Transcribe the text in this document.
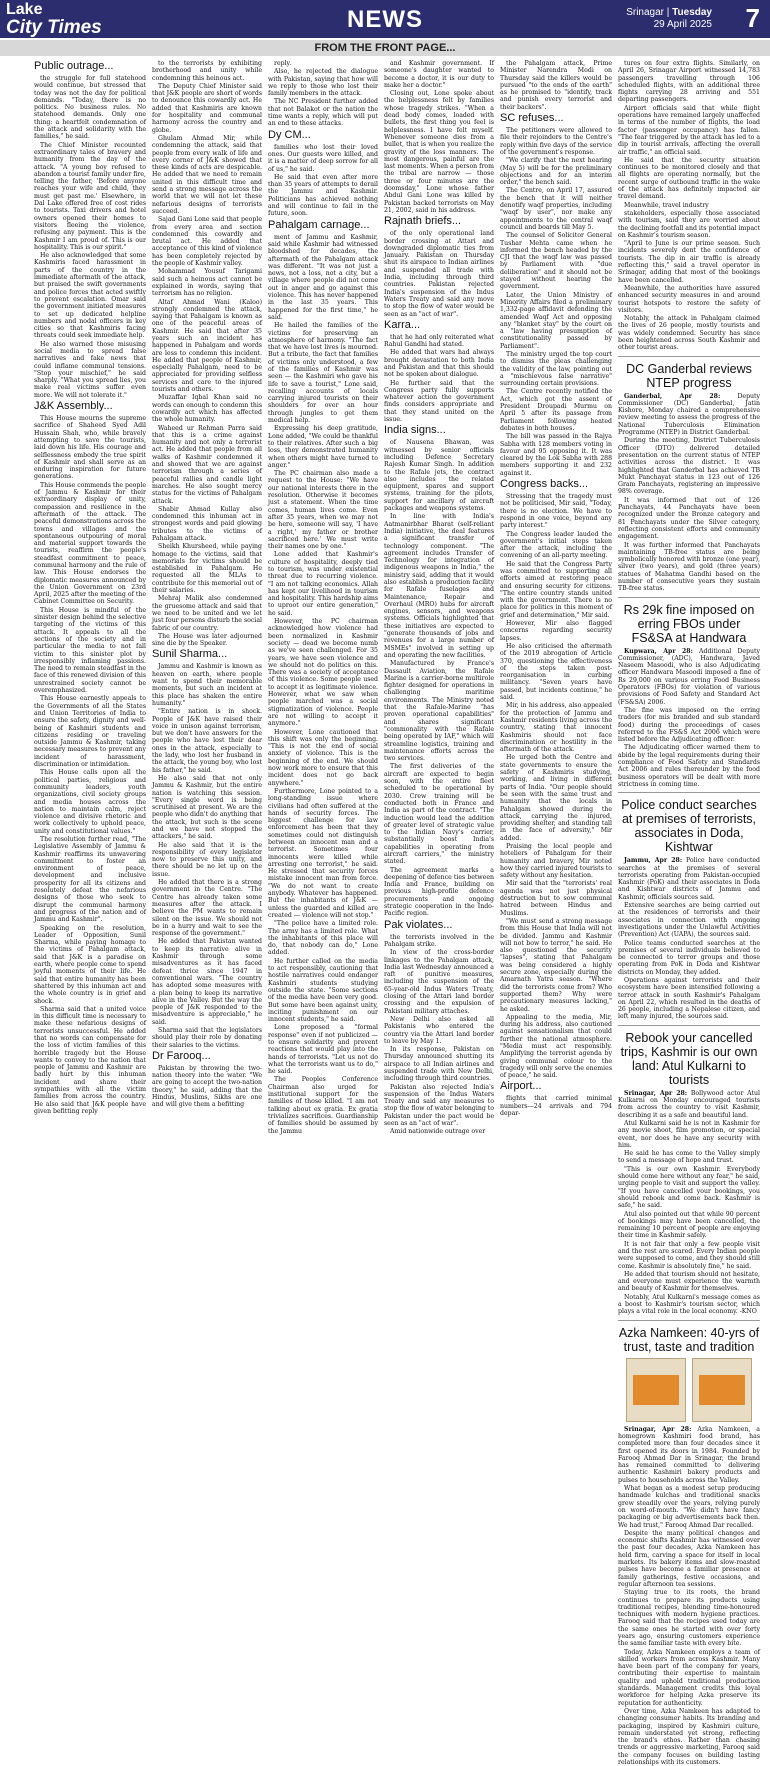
Lake
City Times	NEWS	Srinagar | Tuesday
29 April 2025 7
FROM THE FRONT PAGE...
Public outrage...

the struggle for full statehood would continue, but stressed that today was not the day for political demands. "Today, there is no politics. No business rules. No statehood demands. Only one thing: a heartfelt condemnation of the attack and solidarity with the families," he said.

The Chief Minister recounted extraordinary tales of bravery and humanity from the day of the attack. "A young boy refused to abandon a tourist family under fire, telling the father, 'Before anyone reaches your wife and child, they must get past me.' Elsewhere, in Dal Lake offered free of cost rides to tourists. Taxi drivers and hotel owners opened their homes to visitors fleeing the violence, refusing any payment. This is the Kashmir I am proud of. This is our hospitality. This is our spirit."

He also acknowledged that some Kashmiris faced harassment in parts of the country in the immediate aftermath of the attack, but praised the swift governments and police forces that acted swiftly to prevent escalation. Omar said the government initiated measures to set up dedicated helpline numbers and nodal officers in key cities so that Kashmiris facing threats could seek immediate help.

He also warned those misusing social media to spread false narratives and fake news that could inflame communal tensions. "Stop your mischief," he said sharply. "What you spread lies, you make real victims suffer even more. We will not tolerate it."

J&K Assembly...

This House mourns the supreme sacrifice of Shaheed Syed Adil Hussain Shah, who, while bravely attempting to save the tourists, laid down his life. His courage and selflessness embody the true spirit of Kashmir and shall serve as an enduring inspiration for future generations.

This House commends the people of Jammu & Kashmir for their extraordinary display of unity, compassion and resilience in the aftermath of the attack. The peaceful demonstrations across the towns and villages and the spontaneous outpouring of moral and material support towards the tourists, reaffirm the people's steadfast commitment to peace, communal harmony and the rule of law. This House endorses the diplomatic measures announced by the Union Government on 23rd April, 2025 after the meeting of the Cabinet Committee on Security.

This House is mindful of the sinister design behind the selective targeting of the victims of this attack. It appeals to all the sections of the society and in particular the media to not fall victim to this sinister plot by irresponsibly inflaming passions. The need to remain steadfast in the face of this renewed division of this unrestrained society cannot be overemphasized.

This House earnestly appeals to the Governments of all the States and Union Territories of India to ensure the safety, dignity and well-being of Kashmiri students and citizens residing or traveling outside Jammu & Kashmir, taking necessary measures to prevent any incident of harassment, discrimination or intimidation.

This House calls upon all the political parties, religious and community leaders, youth organizations, civil society groups and media houses across the nation to maintain calm, reject violence and divisive rhetoric and work collectively to uphold peace, unity and constitutional values."

The resolution further read, "The Legislative Assembly of Jammu & Kashmir reaffirms its unwavering commitment to foster an environment of peace, development and inclusive prosperity for all its citizens and resolutely defeat the nefarious designs of those who seek to disrupt the communal harmony and progress of the nation and of Jammu and Kashmir".

Speaking on the resolution, Leader of Opposition, Sunil Sharma, while paying homage to the victims of Pahalgam attack, said that J&K is a paradise on earth, where people come to spend joyful moments of their life. He said that entire humanity has been shattered by this inhuman act and the whole country is in grief and shock.

Sharma said that a united voice in this difficult time is necessary to make these nefarious designs of terrorists unsuccessful. He added that no words can compensate for the loss of victim families of this horrible tragedy but the House wants to convey to the nation that people of Jammu and Kashmir are badly hurt by this inhuman incident and share their sympathies with all the victim families from across the country. He also said that J&K people have given befitting reply

to the terrorists by exhibiting brotherhood and unity while condemning this heinous act.

The Deputy Chief Minister said that J&K people are short of words to denounce this cowardly act. He added that Kashmiris are known for hospitality and communal harmony across the country and globe.

Ghulam Ahmad Mir, while condemning the attack, said that people from every walk of life and every corner of J&K showed that these kinds of acts are despicable. He added that we need to remain united in this difficult time and send a strong message across the world that we will not let these nefarious designs of terrorists succeed.

Sajad Gani Lone said that people from every area and section condemned this cowardly and brutal act. He added that acceptance of this kind of violence has been completely rejected by the people of Kashmir valley.

Mohammad Yousuf Tarigami said such a heinous act cannot be explained in words, saying that terrorism has no religion.

Altaf Ahmad Wani (Kaloo) strongly condemned the attack, saying that Pahalgam is known as one of the peaceful areas of Kashmir. He said that after 35 years such an incident has happened in Pahalgam and words are less to condemn this incident. He added that people of Kashmir, especially Pahalgam, need to be appreciated for providing selfless services and care to the injured tourists and others.

Muzaffar Iqbal Khan said no words can enough to condemn this cowardly act which has affected the whole humanity.

Waheed ur Rehman Parra said that this is a crime against humanity and not only a terrorist act. He added that people from all walks of Kashmir condemned it and showed that we are against terrorism through a series of peaceful rallies and candle light marches. He also sought mercy status for the victims of Pahalgam attack.

Shabir Ahmad Kullay also condemned this inhuman act in strongest words and paid glowing tributes to the victims of Pahalgam attack.

Sheikh Khursheed, while paying homage to the victims, said that memorials for victims should be established in Pahalgam. He requested all the MLAs to contribute for this memorial out of their salaries.

Mehraj Malik also condemned the gruesome attack and said that we need to be united and we let just four persons disturb the social fabric of our country.

The House was later adjourned sine die by the Speaker.

Sunil Sharma...

Jammu and Kashmir is known as heaven on earth, where people want to spend their memorable moments, but such an incident at this place has shaken the entire humanity."

"Entire nation is in shock. People of J&K have raised their voice in unison against terrorism, but we don't have answers for the people who have lost their dear ones in the attack, especially to the lady, who lost her husband in the attack, the young boy, who lost his father," he said.

He also said that not only Jammu & Kashmir, but the entire nation is watching this session. "Every single word is being scrutinised at present. We are the people who didn't do anything that the attack, but such is the scene and we have not stopped the attackers," he said.

He also said that it is the responsibility of every legislator now to preserve this unity, and there should be no let up on the issue.

He added that there is a strong government in the Centre. "The Centre has already taken some measures after the attack. I believe the PM wants to remain silent on the issue. We should not be in a hurry and wait to see the response of the government."

He added that Pakistan wanted to keep its narrative alive in Kashmir through some misadventures as it has faced defeat thrice since 1947 in conventional wars. "The country has adopted some measures with a plan being to keep its narrative alive in the Valley. But the way the people of J&K responded to the misadventure is appreciable," he said.

Sharma said that the legislators should play their role by donating their salaries to the victims.

Dr Farooq...

Pakistan by throwing the two-nation theory into the water. "We are going to accept the two-nation theory," he said, adding that the Hindus, Muslims, Sikhs are one and will give them a befitting

reply.

Also, he rejected the dialogue with Pakistan, saying that how will we reply to those who lost their family members in the attack.

The NC President further added that not Balakot or the nation the time wants a reply, which will put an end to these attacks.

Dy CM...

families who lost their loved ones. Our guests were killed, and it is a matter of deep sorrow for all of us," he said.

He said that even after more than 35 years of attempts to derail the Jammu and Kashmir. Politicians has achieved nothing and will continue to fail in the future, soon.

Pahalgam carnage...

ment of Jammu and Kashmir, said while Kashmir had witnessed bloodshed for decades, the aftermath of the Pahalgam attack was different. "It was not just a news, not a loss, not a city, but a village where people did not come out in anger and go against this violence. This has never happened in the last 35 years. This happened for the first time," he said.

He hailed the families of the victims for preserving an atmosphere of harmony. "The fact that we have lost lives is mourned. But a tribute, the fact that families of victims only understood, a few of the families of Kashmir was seen — the Kashmiri who gave his life to save a tourist," Lone said, recalling accounts of locals carrying injured tourists on their shoulders for over an hour through jungles to get them medical help.

Expressing his deep gratitude, Lone added, "We could be thankful to their relatives. After such a big loss, they demonstrated humanity when others might have turned to anger."

The PC chairman also made a request to the House: "We have our national interests there in the resolution. Otherwise it becomes just a statement. When the time comes, human lives come. Even after 35 years, when we may not be here, someone will say, 'I have a right,' my father or brother sacrificed here.' We must write their names one by one."

Lone added that Kashmir's culture of hospitality, deeply tied to tourism, was under existential threat due to recurring violence. "I am not talking economics. Allah has kept our livelihood in tourism and hospitality. This hardship aims to uproot our entire generation," he said.

However, the PC chairman acknowledged how violence had been normalized in Kashmir society — dead we become numb as we've seen challenged. For 35 years, we have seen violence and we should not do politics on this. There was a society of acceptance of this violence. Some people used to accept it as legitimate violence. However, what we saw when people marched was a social stigmatization of violence. People are not willing to accept it anymore."

However, Lone cautioned that this shift was only the beginning. "This is not the end of social anxiety of violence. This is the beginning of the end. We should now work more to ensure that this incident does not go back anywhere."

Furthermore, Lone pointed to a long-standing issue where civilians had often suffered at the hands of security forces. The biggest challenge for law enforcement has been that they sometimes could not distinguish between an innocent man and a terrorist. Sometimes four innocents were killed while arresting one terrorist," he said. He stressed that security forces mistake innocent man from force. "We do not want to create anybody. Whatever has happened. But the inhabitants of J&K — unless the guarded and killed are created — violence will not stop."

"The police have a limited role. The army has a limited role. What the inhabitants of this place will do, that nobody can do," Lone added.

He further called on the media to act responsibly, cautioning that hostile narratives could endanger Kashmiri students studying outside the state. "Some sections of the media have been very good. But some have been against unity, inciting punishment on our innocent students," he said.

Lone proposed a "formal response" even if not publicized — to ensure solidarity and prevent reactions that would play into the hands of terrorists. "Let us not do what the terrorists want us to do," he said.

The Peoples Conference Chairman also urged for institutional support for the families of those killed. "I am not talking about ex gratia. Ex gratia trivializes sacrifices. Guardianship of families should be assumed by the Jammu

and Kashmir government. If someone's daughter wanted to become a doctor, it is our duty to make her a doctor."

Closing out, Lone spoke about the helplessness felt by families whose tragedy strikes. "When a dead body comes, loaded with bullets, the first thing you feel is helplessness. I have felt myself. Whenever someone dies from a bullet, that is when you realize the gravity of the loss manners. The most dangerous, painful are the last moments. When a person from the tribal are narrow — those three or four minutes are the doomsday," Lone whose father Abdul Gani Lone was killed by Pakistan backed terrorists on May 21, 2002, said in his address.

Rajnath briefs...

of the only operational land border crossing at Attari and downgraded diplomatic ties from January. Pakistan on Thursday shut its airspace to Indian airlines and suspended all trade with India, including through third countries. Pakistan rejected India's suspension of the Indus Waters Treaty and said any move to stop the flow of water would be seen as an "act of war".

Karra...

that he had only reiterated what Rahul Gandhi had stated.

He added that wars had always brought devastation to both India and Pakistan and that this should not be spoken about dialogue.

He further said that the Congress party fully supports whatever action the government finds considers appropriate and that they stand united on the issue.

India signs...

of Nausena Bhawan, was witnessed by senior officials including Defence Secretary Rajesh Kumar Singh. In addition to the Rafale jets, the contract also includes the related equipment, spares and support systems, training for the pilots, support for ancillary of aircraft packages and weapons systems.

In line with India's Aatmanirbhar Bharat (self-reliant India) initiative, the deal features a significant transfer of technology component. "The agreement includes Transfer of Technology for integration of indigenous weapons in India," the ministry said, adding that it would also establish a production facility for Rafale fuselages and Maintenance, Repair and Overhaul (MRO) hubs for aircraft engines, sensors, and weapons systems. Officials highlighted that these initiatives are expected to "generate thousands of jobs and revenues for a large number of MSMEs" involved in setting up and operating the new facilities.

Manufactured by France's Dassault Aviation, the Rafale Marine is a carrier-borne multirole fighter designed for operations in challenging maritime environments. The Ministry noted that the Rafale-Marine "has proven operational capabilities" and shares significant "commonality with the Rafale being operated by IAF," which will streamline logistics, training and maintenance efforts across the two services.

The first deliveries of the aircraft are expected to begin soon, with the entire fleet scheduled to be operational by 2030. Crew training will be conducted both in France and India as part of the contract. "The induction would lead the addition of greater level of strategic value to the Indian Navy's carrier, substantially boost India's capabilities in operating from aircraft carriers," the ministry stated.

The agreement marks a deepening of defence ties between India and France, building on previous high-profile defence procurements and ongoing strategic cooperation in the Indo-Pacific region.

Pak violates...

the terrorists involved in the Pahalgam strike.

In view of the cross-border linkages to the Pahalgam attack, India last Wednesday announced a raft of punitive measures, including the suspension of the 65-year-old Indus Waters Treaty, closing of the Attari land border crossing and the expulsion of Pakistani military attaches.

New Delhi also asked all Pakistanis who entered the country via the Attari land border to leave by May 1.

In its response, Pakistan on Thursday announced shutting its airspace to all Indian airlines and suspended trade with New Delhi, including through third countries.

Pakistan also rejected India's suspension of the Indus Waters Treaty and said any measures to stop the flow of water belonging to Pakistan under the pact would be seen as an "act of war".

Amid nationwide outrage over

the Pahalgam attack, Prime Minister Narendra Modi on Thursday said the killers would be pursued "to the ends of the earth" as he promised to "identify, track and punish every terrorist and their backers".

SC refuses...

The petitioners were allowed to file their rejoinders to the Centre's reply within five days of the service of the government's response.

"We clarify that the next hearing (May 5) will be for the preliminary objections and for an interim order," the bench said.

The Centre, on April 17, assured the bench that it will neither denotify waqf properties, including "waqf by user", nor make any appointments to the central waqf council and boards till May 5.

The counsel of Solicitor General Tushar Mehta came when he informed the bench headed by the CJI that the waqf law was passed by Parliament with "due deliberation" and it should not be stayed without hearing the government.

Later, the Union Ministry of Minority Affairs filed a preliminary 1,332-page affidavit defending the amended Waqf Act and opposing any "blanket stay" by the court on a "law having presumption of constitutionality passed by Parliament".

The ministry urged the top court to dismiss the pleas challenging the validity of the law, pointing out a "mischievous false narrative" surrounding certain provisions.

The Centre recently notified the Act, which got the assent of President Droupadi Murmu on April 5 after its passage from Parliament following heated debates in both houses.

The bill was passed in the Rajya Sabha with 128 members voting in favour and 95 opposing it. It was cleared by the Lok Sabha with 288 members supporting it and 232 against it.

Congress backs...

Stressing that the tragedy must not be politicised, Mir said, "Today, there is no election. We have to respond in one voice, beyond any party interest."

The Congress leader lauded the government's initial steps taken after the attack, including the convening of an all-party meeting.

He said that the Congress Party was committed to supporting all efforts aimed at restoring peace and ensuring security for citizens. "The entire country stands united with the government. There is no place for politics in this moment of grief and determination," Mir said.

However, Mir also flagged concerns regarding security lapses.

He also criticised the aftermath of the 2019 abrogation of Article 370, questioning the effectiveness of the steps taken post-reorganisation in curbing militancy. "Seven years have passed, but incidents continue," he said.

Mir, in his address, also appealed for the protection of Jammu and Kashmir residents living across the country, stating that innocent Kashmiris should not face discrimination or hostility in the aftermath of the attack.

He urged both the Centre and state governments to ensure the safety of Kashmiris studying, working, and living in different parts of India. "Our people should be seen with the same trust and humanity that the locals in Pahalgam showed during the attack, carrying the injured, providing shelter, and standing tall in the face of adversity," Mir added.

Praising the local people and hoteliers of Pahalgam for their humanity and bravery, Mir noted how they carried injured tourists to safety without any hesitation.

Mir said that the "terrorists' real agenda was not just physical destruction but to sow communal hatred between Hindus and Muslims.

"We must send a strong message from this House that India will not be divided. Jammu and Kashmir will not bow to terror," he said. He also questioned the security "lapses", stating that Pahalgam was being considered a highly secure zone, especially during the Amarnath Yatra season. "Where did the terrorists come from? Who supported them? Why were precautionary measures lacking," he asked.

Appealing to the media, Mir, during his address, also cautioned against sensationalism that could further the national atmosphere. "Media must act responsibly. Amplifying the terrorist agenda by giving communal colour to the tragedy will only serve the enemies of peace," he said.

Airport...

flights that carried minimal numbers—24 arrivals and 794 depar-

tures on four extra flights. Similarly, on April 26, Srinagar Airport witnessed 14,783 passengers travelling through 106 scheduled flights, with an additional three flights carrying 28 arriving and 551 departing passengers.

Airport officials said that while flight operations have remained largely unaffected in terms of the number of flights, the load factor (passenger occupancy) has fallen. "The fear triggered by the attack has led to a dip in tourist arrivals, affecting the overall air traffic," an official said.

He said that the security situation continues to be monitored closely and that all flights are operating normally, but the recent surge of outbound traffic in the wake of the attack has definitely impacted air travel demand.

Meanwhile, travel industry

stakeholders, especially those associated with tourism, said they are worried about the declining footfall and its potential impact on Kashmir's tourism season.

"April to June is our prime season. Such incidents severely dent the confidence of tourists. The dip in air traffic is already reflecting this," said a travel operator in Srinagar, adding that most of the bookings have been cancelled.

Meanwhile, the authorities have assured enhanced security measures in and around tourist hotspots to restore the safety of visitors.

Notably, the attack in Pahalgam claimed the lives of 26 people, mostly tourists and was widely condemned. Security has since been heightened across South Kashmir and other tourist areas.

DC Ganderbal reviews NTEP progress

Ganderbal, Apr 28:	Deputy Commissioner (DC) Ganderbal, Jatin Kishore, Monday chaired a comprehensive review meeting to assess the progress of the National Tuberculosis Elimination Programme (NTEP) in District Ganderbal.

During the meeting, District Tuberculosis Officer (DTO) delivered detailed presentation on the current status of NTEP activities across the district. It was highlighted that Ganderbal has achieved TB Mukt Panchayat status in 123 out of 126 Gram Panchayats, registering an impressive 98% coverage.

It was informed that out of 126 Panchayats, 44 Panchayats have been recognized under the Bronze category and 81 Panchayats under the Silver category, reflecting consistent efforts and community engagement.

It was further informed that Panchayats maintaining TB-free status are being symbolically honored with bronze (one year), silver (two years), and gold (three years) statues of Mahatma Gandhi based on the number of consecutive years they sustain TB-free status.

Rs 29k fine imposed on erring FBOs under FS&SA at Handwara

Kupwara, Apr 28: Additional Deputy Commissioner, (ADC), Handwara, Javed Naseem Masoodi, who is also Adjudicating officer Handwara Masoodi imposed a fine of Rs 29,000 on various erring Food Business Operators (FBOs) for violation of various provisions of Food Safety and Standard Act (FS&SA) 2006.

The fine was imposed on the erring traders (for mis branded and sub standard food) during the proceedings of cases referred to the FS&S Act 2006 which were listed before the Adjudicating officer.

The Adjudicating officer warned them to abide by the legal requirements during their compliance of Food Safety and Standards Act 2006 and rules thereunder by the food business operators will be dealt with more strictness in coming time.

Police conduct searches at premises of terrorists, associates in Doda, Kishtwar

Jammu, Apr 28: Police have conducted searches at the premises of several terrorists operating from Pakistan-occupied Kashmir (PoK) and their associates in Doda and Kishtwar districts of Jammu and Kashmir, officials sources said.

Extensive searches are being carried out at the residences of terrorists and their associates in connection with ongoing investigations under the Unlawful Activities (Prevention) Act (UAPA), the sources said.

Police teams conducted searches at the premises of several individuals believed to be connected to terror groups and those operating from PoK in Doda and Kishtwar districts on Monday, they added.

Operations against terrorists and their ecosystem have been intensified following a terror attack in south Kashmir's Pahalgam on April 22, which resulted in the deaths of 26 people, including a Nepalese citizen, and left many injured, the sources said.

Rebook your cancelled trips, Kashmir is our own land: Atul Kulkarni to tourists

Srinagar, Apr 28: Bollywood actor Atul Kulkarni on Monday encouraged tourists from across the country to visit Kashmir, describing it as a safe and beautiful land.

Atul Kulkarni said he is not in Kashmir for any movie shoot, film promotion, or special event, nor does he have any security with him.

He said he has come to the Valley simply to send a message of hope and trust.

"This is our own Kashmir. Everybody should come here without any fear," he said, urging people to visit and support the valley. "If you have cancelled your bookings, you should rebook and come back. Kashmir is safe," he said.

Atul also pointed out that while 90 percent of bookings may have been cancelled, the remaining 10 percent of people are enjoying their time in Kashmir safely.

It is not fair that only a few people visit and the rest are scared. Every Indian people were supposed to come, and they should still come. Kashmir is absolutely fine," he said.

He added that tourism should not hesitate, and everyone must experience the warmth and beauty of Kashmir for themselves.

Notably, Atul Kulkarni's message comes as a boost to Kashmir's tourism sector, which plays a vital role in the local economy. -KNO

Azka Namkeen: 40-yrs of trust, taste and tradition

Srinagar, Apr 28: Azka Namkeen, a homegrown Kashmiri food brand, has completed more than four decades since it first opened its doors in 1984. Founded by Farooq Ahmad Dar in Srinagar, the brand has remained committed to delivering authentic Kashmiri bakery products and pulses to households across the Valley.

What began as a modest setup producing handmade kulchas and traditional snacks grew steadily over the years, relying purely on word-of-mouth. "We didn't have fancy packaging or big advertisements back then. We had trust," Farooq Ahmad Dar recalled.

Despite the many political changes and economic shifts Kashmir has witnessed over the past four decades, Azka Namkeen has held firm, carving a space for itself in local markets. Its bakery items and slow-roasted pulses have become a familiar presence at family gatherings, festive occasions, and regular afternoon tea sessions.

Staying true to its roots, the brand continues to prepare its products using traditional recipes, blending time-honoured techniques with modern hygiene practices. Farooq said that the recipes used today are the same ones he started with over forty years ago, ensuring customers experience the same familiar taste with every bite.

Today, Azka Namkeen employs a team of skilled workers from across Kashmir. Many have been part of the company for years, contributing their expertise to maintain quality and uphold traditional production standards. Management credits this loyal workforce for helping Azka preserve its reputation for authenticity.

Over time, Azka Namkeen has adapted to changing consumer habits. Its branding and packaging, inspired by Kashmiri culture, remain understated yet strong, reflecting the brand's ethos. Rather than chasing trends or aggressive marketing, Farooq said the company focuses on building lasting relationships with its customers.
